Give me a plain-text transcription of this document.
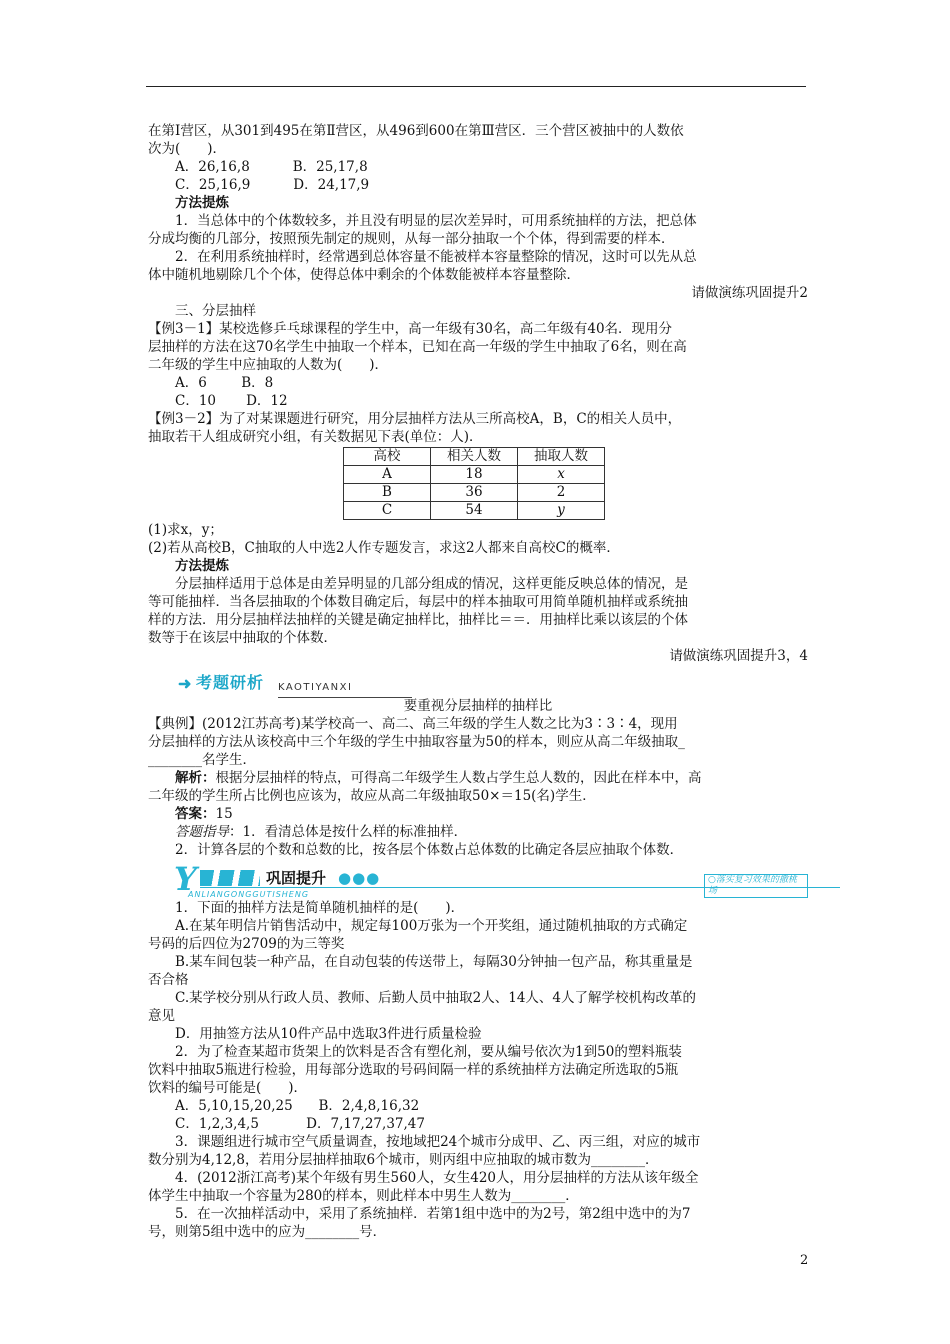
在第Ⅰ营区，从301到495在第Ⅱ营区，从496到600在第Ⅲ营区．三个营区被抽中的人数依

次为(　　)．

A．26,16,8	B．25,17,8

C．25,16,9	D．24,17,9

方法提炼

1．当总体中的个体数较多，并且没有明显的层次差异时，可用系统抽样的方法，把总体

分成均衡的几部分，按照预先制定的规则，从每一部分抽取一个个体，得到需要的样本．

2．在利用系统抽样时，经常遇到总体容量不能被样本容量整除的情况，这时可以先从总

体中随机地剔除几个个体，使得总体中剩余的个体数能被样本容量整除．

请做演练巩固提升2

三、分层抽样

【例3－1】某校选修乒乓球课程的学生中，高一年级有30名，高二年级有40名．现用分

层抽样的方法在这70名学生中抽取一个样本，已知在高一年级的学生中抽取了6名，则在高

二年级的学生中应抽取的人数为(　　)．

A．6	B．8

C．10 D．12

【例3－2】为了对某课题进行研究，用分层抽样方法从三所高校A，B，C的相关人员中，

抽取若干人组成研究小组，有关数据见下表(单位：人)．

高校	相关人数	抽取人数
A	18	x
B	36	2
C	54	y

(1)求x，y；

(2)若从高校B，C抽取的人中选2人作专题发言，求这2人都来自高校C的概率．

方法提炼

分层抽样适用于总体是由差异明显的几部分组成的情况，这样更能反映总体的情况，是

等可能抽样．当各层抽取的个体数目确定后，每层中的样本抽取可用简单随机抽样或系统抽

样的方法．用分层抽样法抽样的关键是确定抽样比，抽样比＝＝．用抽样比乘以该层的个体

数等于在该层中抽取的个体数．

请做演练巩固提升3，4

➜ 考题研析 KAOTIYANXI

要重视分层抽样的抽样比

【典例】(2012江苏高考)某学校高一、高二、高三年级的学生人数之比为3∶3∶4，现用

分层抽样的方法从该校高中三个年级的学生中抽取容量为50的样本，则应从高二年级抽取_

________名学生．

解析：根据分层抽样的特点，可得高二年级学生人数占学生总人数的，因此在样本中，高

二年级的学生所占比例也应该为，故应从高二年级抽取50×＝15(名)学生．

答案：15

答题指导：1．看清总体是按什么样的标准抽样．

2．计算各层的个数和总数的比，按各层个体数占总体数的比确定各层应抽取个体数．

Y	巩固提升 ●●●	○落实复习效果的撒桃场
ANLIANGONGGUTISHENG

1．下面的抽样方法是简单随机抽样的是(　　)．

A.在某年明信片销售活动中，规定每100万张为一个开奖组，通过随机抽取的方式确定

号码的后四位为2709的为三等奖

B.某车间包装一种产品，在自动包装的传送带上，每隔30分钟抽一包产品，称其重量是

否合格

C.某学校分别从行政人员、教师、后勤人员中抽取2人、14人、4人了解学校机构改革的

意见

D．用抽签方法从10件产品中选取3件进行质量检验

2．为了检查某超市货架上的饮料是否含有塑化剂，要从编号依次为1到50的塑料瓶装

饮料中抽取5瓶进行检验，用每部分选取的号码间隔一样的系统抽样方法确定所选取的5瓶

饮料的编号可能是(　　)．

A．5,10,15,20,25 B．2,4,8,16,32

C．1,2,3,4,5	D．7,17,27,37,47

3．课题组进行城市空气质量调查，按地域把24个城市分成甲、乙、丙三组，对应的城市

数分别为4,12,8，若用分层抽样抽取6个城市，则丙组中应抽取的城市数为________．

4．(2012浙江高考)某个年级有男生560人，女生420人，用分层抽样的方法从该年级全

体学生中抽取一个容量为280的样本，则此样本中男生人数为________．

5．在一次抽样活动中，采用了系统抽样．若第1组中选中的为2号，第2组中选中的为7

号，则第5组中选中的应为________号．

2
